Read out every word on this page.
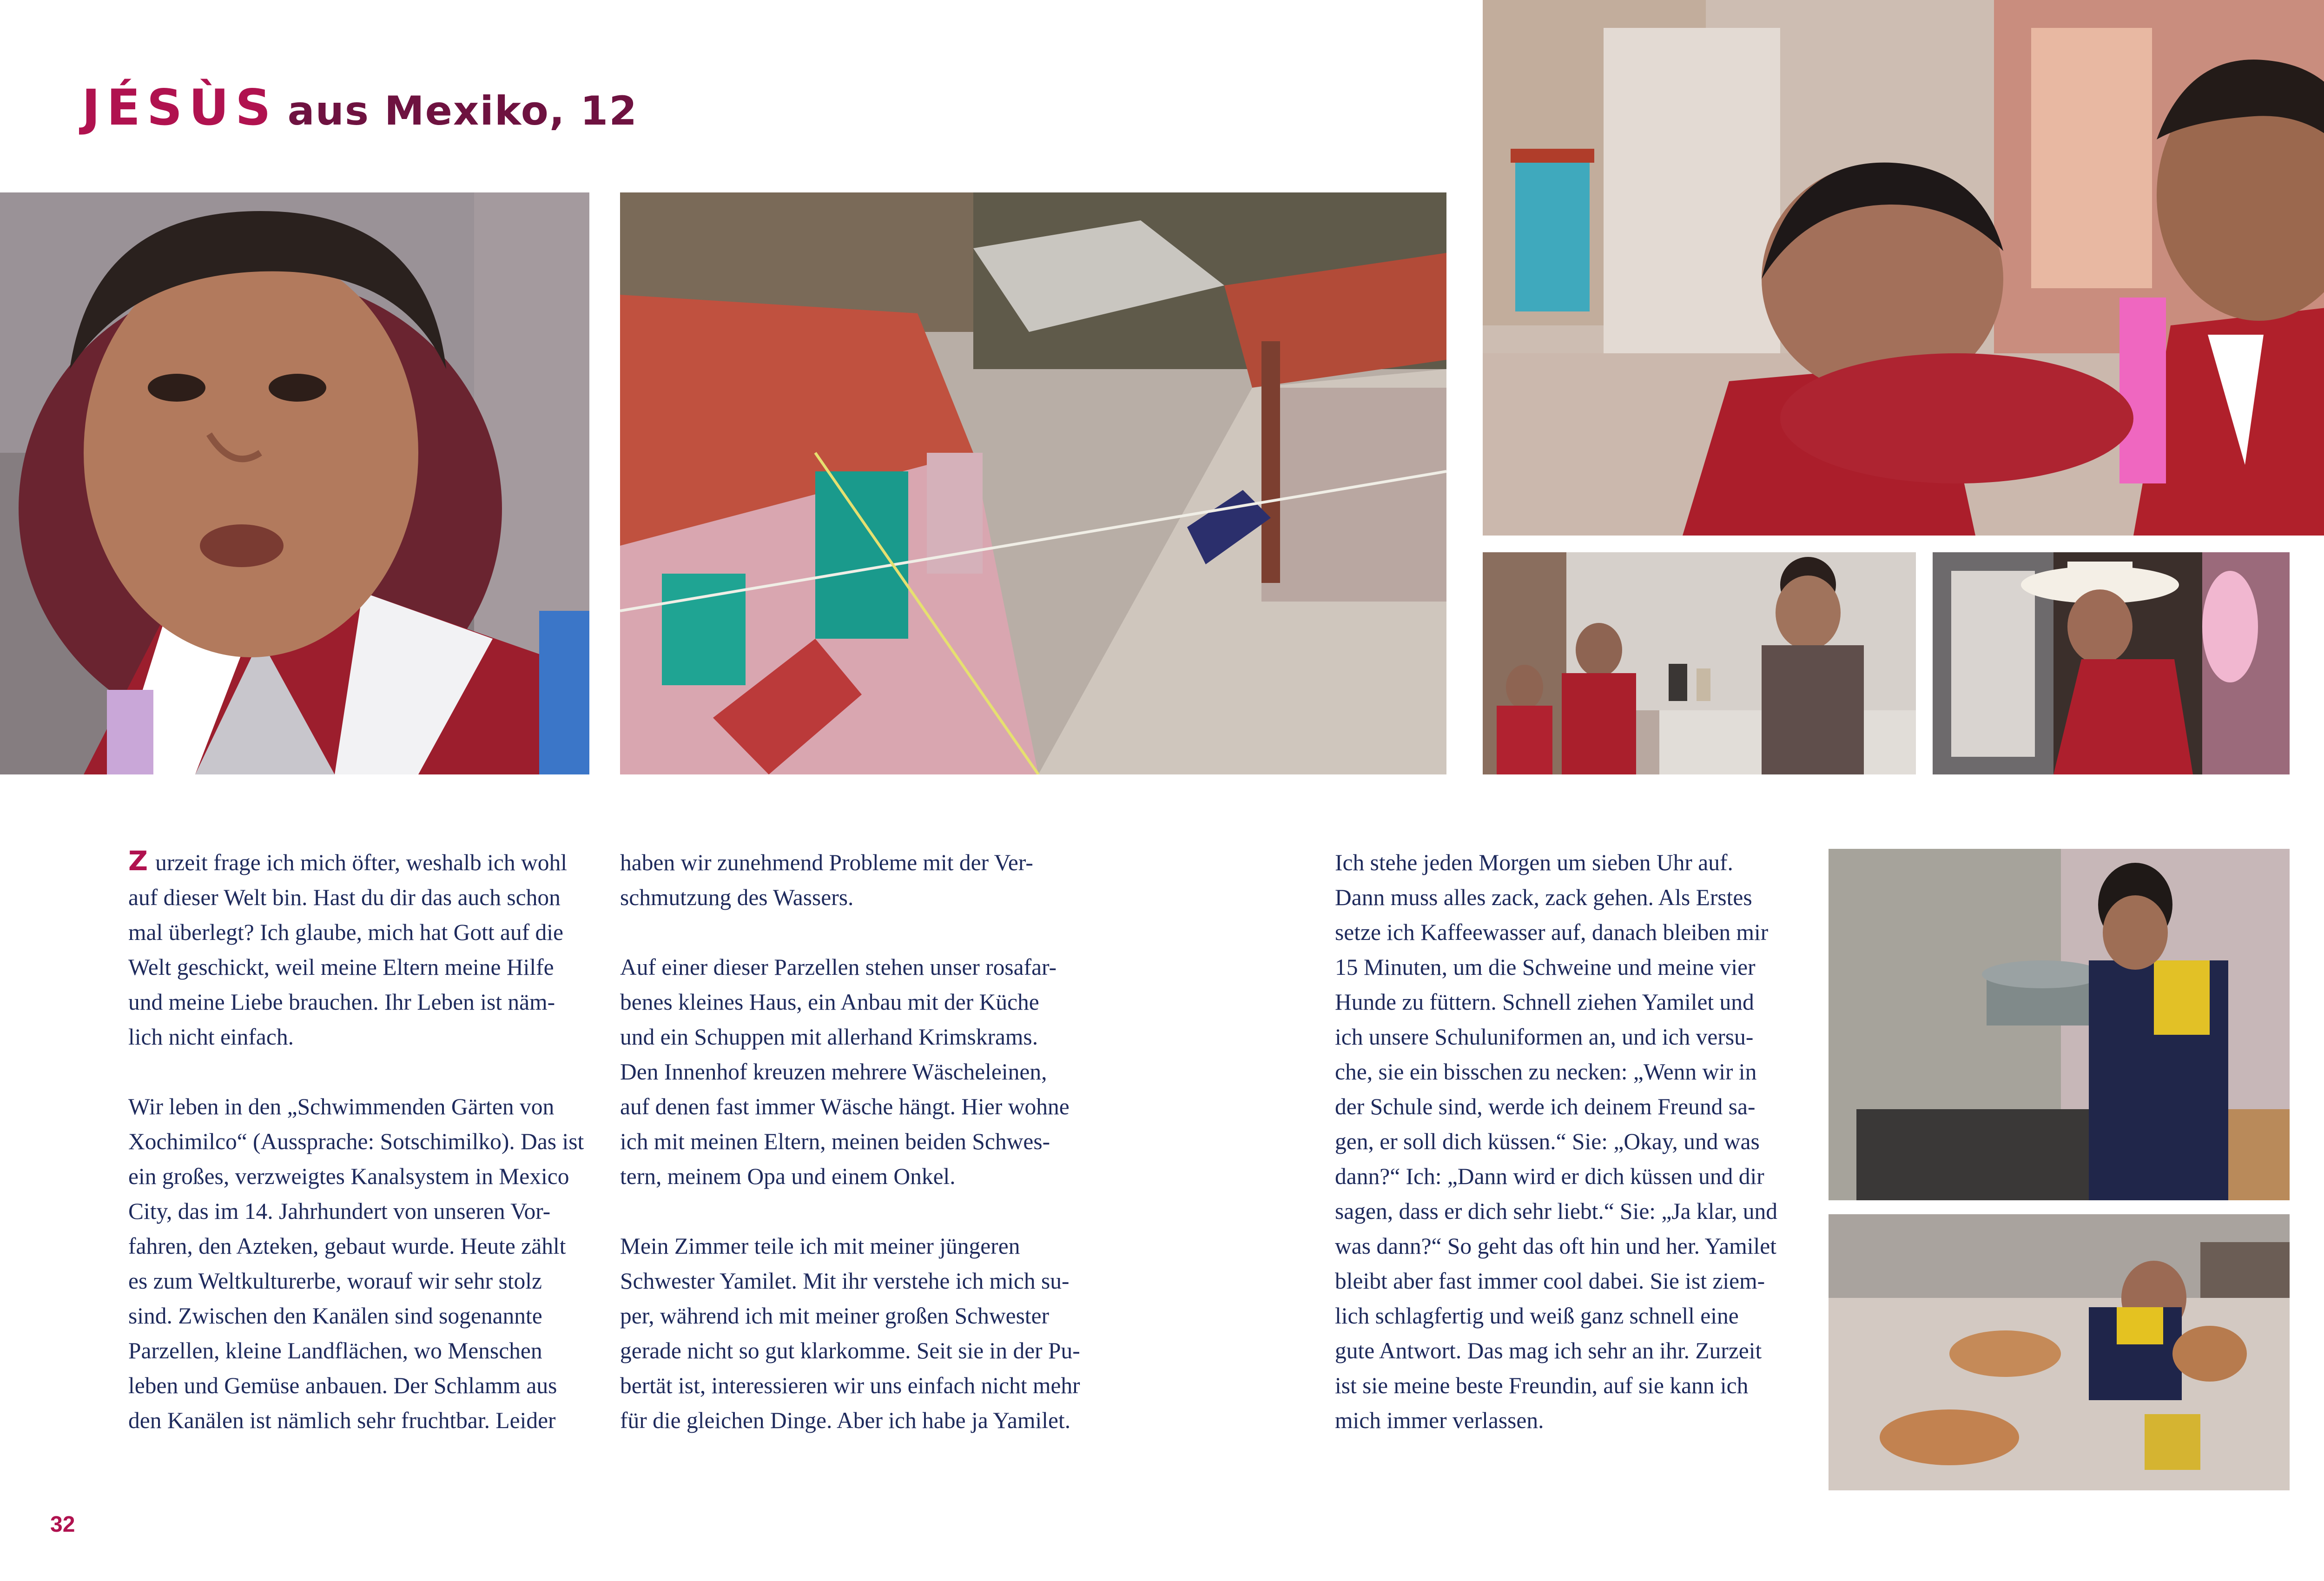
JÉSÙS aus Mexiko, 12
Z urzeit frage ich mich öfter, weshalb ich wohl
auf dieser Welt bin. Hast du dir das auch schon
mal überlegt? Ich glaube, mich hat Gott auf die
Welt geschickt, weil meine Eltern meine Hilfe
und meine Liebe brauchen. Ihr Leben ist näm-
lich nicht einfach.

Wir leben in den „Schwimmenden Gärten von
Xochimilco“ (Aussprache: Sotschimilko). Das ist
ein großes, verzweigtes Kanalsystem in Mexico
City, das im 14. Jahrhundert von unseren Vor-
fahren, den Azteken, gebaut wurde. Heute zählt
es zum Weltkulturerbe, worauf wir sehr stolz
sind. Zwischen den Kanälen sind sogenannte
Parzellen, kleine Landflächen, wo Menschen
leben und Gemüse anbauen. Der Schlamm aus
den Kanälen ist nämlich sehr fruchtbar. Leider
haben wir zunehmend Probleme mit der Ver-
schmutzung des Wassers.

Auf einer dieser Parzellen stehen unser rosafar-
benes kleines Haus, ein Anbau mit der Küche
und ein Schuppen mit allerhand Krimskrams.
Den Innenhof kreuzen mehrere Wäscheleinen,
auf denen fast immer Wäsche hängt. Hier wohne
ich mit meinen Eltern, meinen beiden Schwes-
tern, meinem Opa und einem Onkel.

Mein Zimmer teile ich mit meiner jüngeren
Schwester Yamilet. Mit ihr verstehe ich mich su-
per, während ich mit meiner großen Schwester
gerade nicht so gut klarkomme. Seit sie in der Pu-
bertät ist, interessieren wir uns einfach nicht mehr
für die gleichen Dinge. Aber ich habe ja Yamilet.
Ich stehe jeden Morgen um sieben Uhr auf.
Dann muss alles zack, zack gehen. Als Erstes
setze ich Kaffeewasser auf, danach bleiben mir
15 Minuten, um die Schweine und meine vier
Hunde zu füttern. Schnell ziehen Yamilet und
ich unsere Schuluniformen an, und ich versu-
che, sie ein bisschen zu necken: „Wenn wir in
der Schule sind, werde ich deinem Freund sa-
gen, er soll dich küssen.“ Sie: „Okay, und was
dann?“ Ich: „Dann wird er dich küssen und dir
sagen, dass er dich sehr liebt.“ Sie: „Ja klar, und
was dann?“ So geht das oft hin und her. Yamilet
bleibt aber fast immer cool dabei. Sie ist ziem-
lich schlagfertig und weiß ganz schnell eine
gute Antwort. Das mag ich sehr an ihr. Zurzeit
ist sie meine beste Freundin, auf sie kann ich
mich immer verlassen.
32
